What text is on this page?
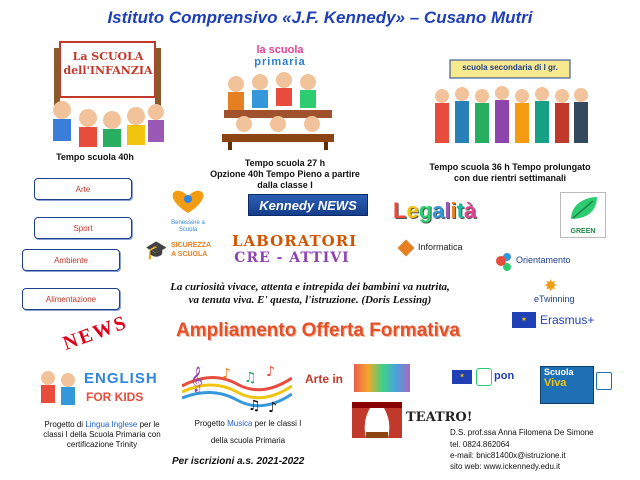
Istituto Comprensivo «J.F. Kennedy» – Cusano Mutri
La SCUOLA dell'INFANZIA
Tempo scuola 40h
la scuola
primaria
Tempo scuola 27 h
Opzione 40h Tempo Pieno a partire
dalla classe I
scuola secondaria di I gr.
Tempo scuola 36 h Tempo prolungato
con due rientri settimanali
Arte
Sport
Ambiente
Alimentazione
Benessere a Scuola
Kennedy NEWS
🎓 SICUREZZA
A SCUOLA
LABORATORI
CRE - ATTIVI
Legalità
GREEN
Informatica
Orientamento
✸
eTwinning
✶	Erasmus+
La curiosità vivace, attenta e intrepida dei bambini va nutrita,
va tenuta viva. E' questa, l'istruzione. (Doris Lessing)
NEWS	Ampliamento Offerta Formativa
ENGLISH
FOR KIDS
𝄞 ♪ ♫ ♪
♫ ♪
Arte in
TEATRO!
✶	pon	Scuola
Viva
Progetto di Lingua Inglese per le classi I della Scuola Primaria con certificazione Trinity
Progetto Musica per le classi I
della scuola Primaria
Per iscrizioni a.s. 2021-2022
D.S. prof.ssa Anna Filomena De Simone
tel. 0824.862064
e-mail: bnic81400x@istruzione.it
sito web: www.ickennedy.edu.it
